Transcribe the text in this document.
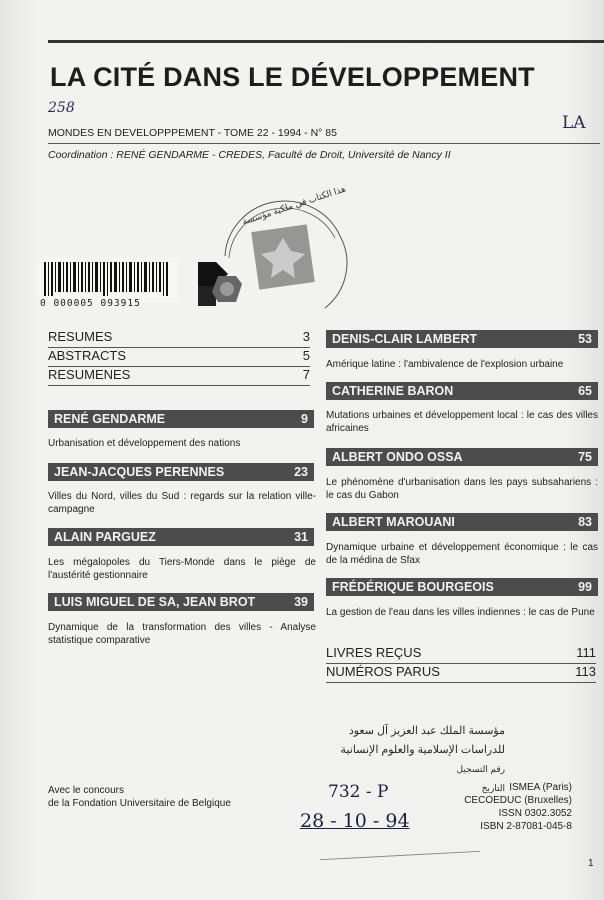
LA CITÉ DANS LE DÉVELOPPEMENT
258
LA
MONDES EN DEVELOPPPEMENT - TOME 22 - 1994 - N° 85
Coordination : RENÉ GENDARME - CREDES, Faculté de Droit, Université de Nancy II
هذا الكتاب في ملكية مؤسسة
0 000005 093915
RESUMES	3
ABSTRACTS	5
RESUMENES	7
RENÉ GENDARME	9
Urbanisation et développement des nations
JEAN-JACQUES PERENNES	23
Villes du Nord, villes du Sud : regards sur la relation ville-campagne
ALAIN PARGUEZ	31
Les mégalopoles du Tiers-Monde dans le piège de l'austérité gestionnaire
LUIS MIGUEL DE SA, JEAN BROT	39
Dynamique de la transformation des villes - Analyse statistique comparative
DENIS-CLAIR LAMBERT	53
Amérique latine : l'ambivalence de l'explosion urbaine
CATHERINE BARON	65
Mutations urbaines et développement local : le cas des villes africaines
ALBERT ONDO OSSA	75
Le phénomène d'urbanisation dans les pays subsahariens : le cas du Gabon
ALBERT MAROUANI	83
Dynamique urbaine et développement économique : le cas de la médina de Sfax
FRÉDÉRIQUE BOURGEOIS	99
La gestion de l'eau dans les villes indiennes : le cas de Pune
LIVRES REÇUS	111
NUMÉROS PARUS	113
مؤسسة الملك عبد العزيز آل سعود
للدراسات الإسلامية والعلوم الإنسانية
رقم التسجيل
التاريخ
732 - P
28 - 10 - 94
Avec le concours
de la Fondation Universitaire de Belgique
ISMEA (Paris)
CECOEDUC (Bruxelles)
ISSN 0302.3052
ISBN 2-87081-045-8
1
